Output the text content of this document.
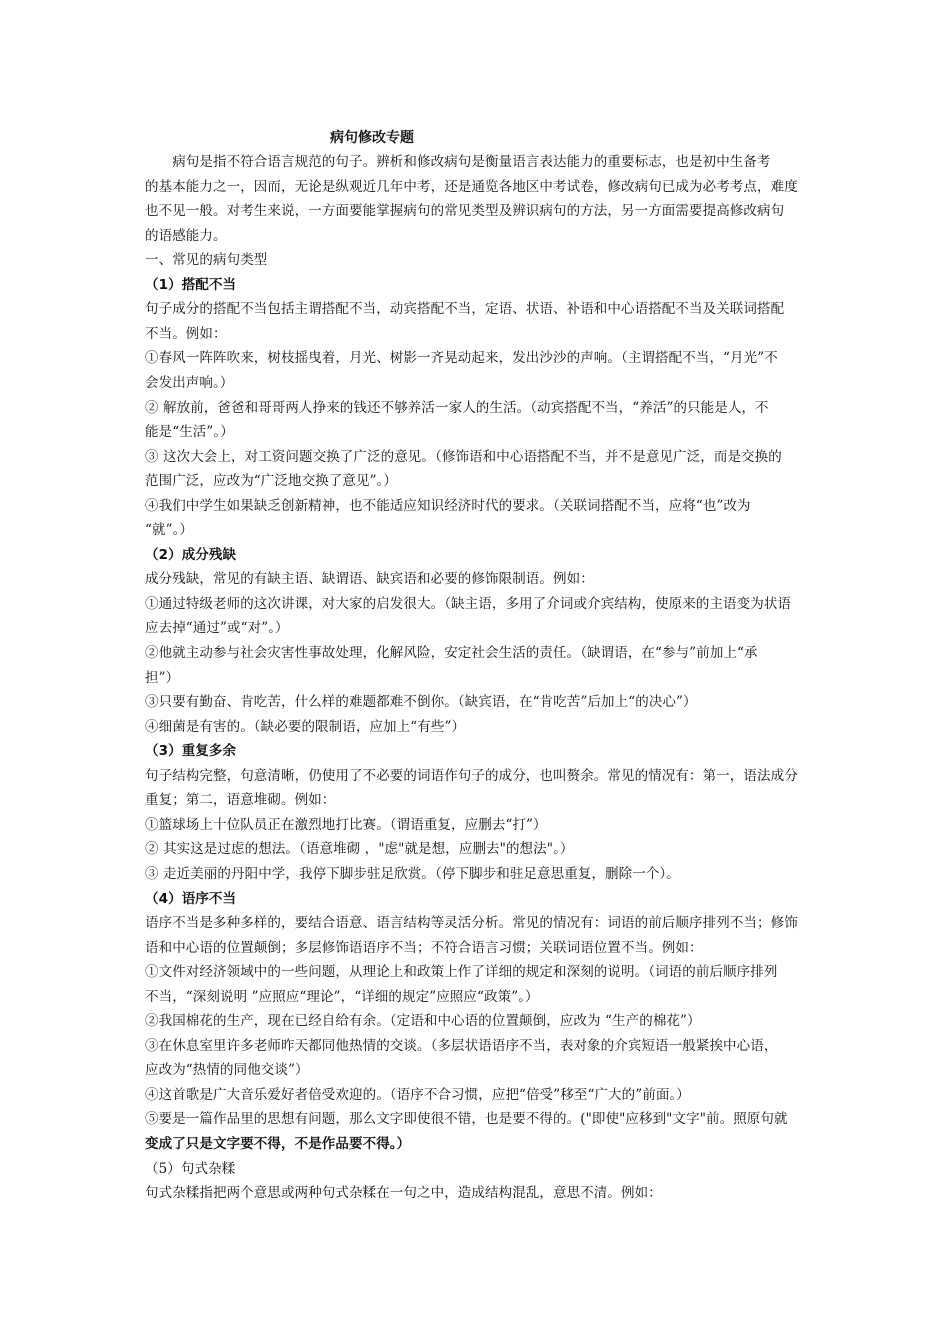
病句修改专题
　　病句是指不符合语言规范的句子。辨析和修改病句是衡量语言表达能力的重要标志，也是初中生备考
的基本能力之一，因而，无论是纵观近几年中考，还是通览各地区中考试卷，修改病句已成为必考考点，难度
也不见一般。对考生来说，一方面要能掌握病句的常见类型及辨识病句的方法，另一方面需要提高修改病句
的语感能力。
一、常见的病句类型
（1）搭配不当
句子成分的搭配不当包括主谓搭配不当，动宾搭配不当，定语、状语、补语和中心语搭配不当及关联词搭配
不当。例如：
①春风一阵阵吹来，树枝摇曳着，月光、树影一齐晃动起来，发出沙沙的声响。（主谓搭配不当，“月光”不
会发出声响。）
② 解放前，爸爸和哥哥两人挣来的钱还不够养活一家人的生活。（动宾搭配不当，“养活”的只能是人，不
能是“生活”。）
③ 这次大会上，对工资问题交换了广泛的意见。（修饰语和中心语搭配不当，并不是意见广泛，而是交换的
范围广泛，应改为“广泛地交换了意见”。）
④我们中学生如果缺乏创新精神，也不能适应知识经济时代的要求。（关联词搭配不当，应将“也”改为
“就”。）
（2）成分残缺
成分残缺，常见的有缺主语、缺谓语、缺宾语和必要的修饰限制语。例如：
①通过特级老师的这次讲课，对大家的启发很大。（缺主语，多用了介词或介宾结构，使原来的主语变为状语
应去掉“通过”或“对”。）
②他就主动参与社会灾害性事故处理，化解风险，安定社会生活的责任。（缺谓语，在“参与”前加上“承
担”）
③只要有勤奋、肯吃苦，什么样的难题都难不倒你。（缺宾语，在“肯吃苦”后加上“的决心”）
④细菌是有害的。（缺必要的限制语，应加上“有些”）
（3）重复多余
句子结构完整，句意清晰，仍使用了不必要的词语作句子的成分，也叫赘余。常见的情况有：第一，语法成分
重复；第二，语意堆砌。例如：
①篮球场上十位队员正在激烈地打比赛。（谓语重复，应删去“打”）
② 其实这是过虑的想法。（语意堆砌 ，"虑"就是想，应删去"的想法"。）
③ 走近美丽的丹阳中学，我停下脚步驻足欣赏。（停下脚步和驻足意思重复，删除一个）。
（4）语序不当
语序不当是多种多样的，要结合语意、语言结构等灵活分析。常见的情况有：词语的前后顺序排列不当；修饰
语和中心语的位置颠倒；多层修饰语语序不当；不符合语言习惯；关联词语位置不当。例如：
①文件对经济领域中的一些问题，从理论上和政策上作了详细的规定和深刻的说明。（词语的前后顺序排列
不当，“深刻说明 ”应照应“理论”，“详细的规定”应照应“政策”。）
②我国棉花的生产，现在已经自给有余。（定语和中心语的位置颠倒，应改为 “生产的棉花”）
③在休息室里许多老师昨天都同他热情的交谈。（多层状语语序不当，表对象的介宾短语一般紧挨中心语，
应改为“热情的同他交谈”）
④这首歌是广大音乐爱好者倍受欢迎的。（语序不合习惯，应把“倍受”移至“广大的”前面。）
⑤要是一篇作品里的思想有问题，那么文字即使很不错，也是要不得的。("即使"应移到"文字"前。照原句就
变成了只是文字要不得，不是作品要不得。）
（5）句式杂糅
句式杂糅指把两个意思或两种句式杂糅在一句之中，造成结构混乱，意思不清。例如：
